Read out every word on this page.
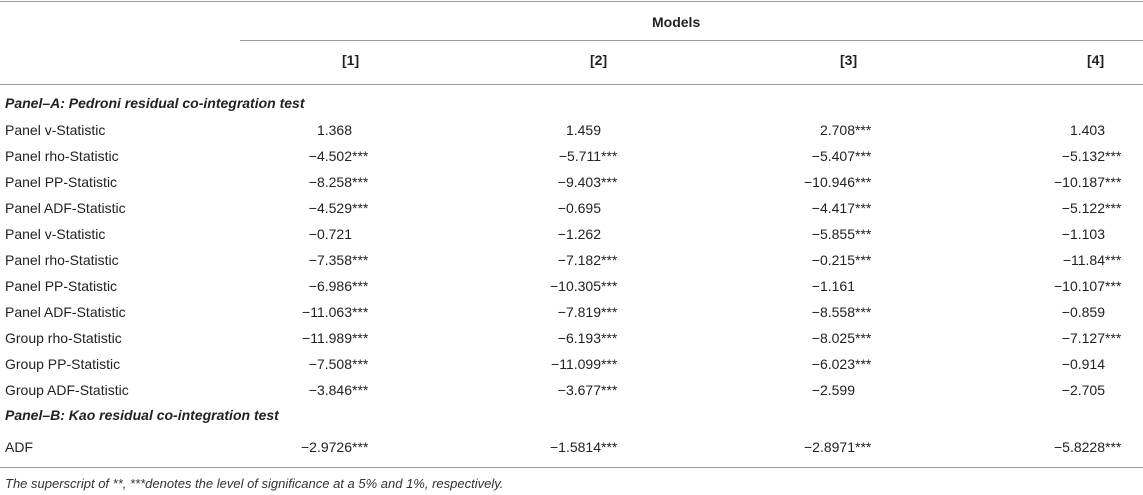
Models
[1]	[2]	[3]	[4]
Panel–A: Pedroni residual co-integration test
Panel v-Statistic	1.368	1.459	2.708***	1.403
Panel rho-Statistic	−4.502***	−5.711***	−5.407***	−5.132***
Panel PP-Statistic	−8.258***	−9.403***	−10.946***	−10.187***
Panel ADF-Statistic	−4.529***	−0.695	−4.417***	−5.122***
Panel v-Statistic	−0.721	−1.262	−5.855***	−1.103
Panel rho-Statistic	−7.358***	−7.182***	−0.215***	−11.84***
Panel PP-Statistic	−6.986***	−10.305***	−1.161	−10.107***
Panel ADF-Statistic	−11.063***	−7.819***	−8.558***	−0.859
Group rho-Statistic	−11.989***	−6.193***	−8.025***	−7.127***
Group PP-Statistic	−7.508***	−11.099***	−6.023***	−0.914
Group ADF-Statistic	−3.846***	−3.677***	−2.599	−2.705
Panel–B: Kao residual co-integration test
ADF	−2.9726***	−1.5814***	−2.8971***	−5.8228***
The superscript of **, ***denotes the level of significance at a 5% and 1%, respectively.
